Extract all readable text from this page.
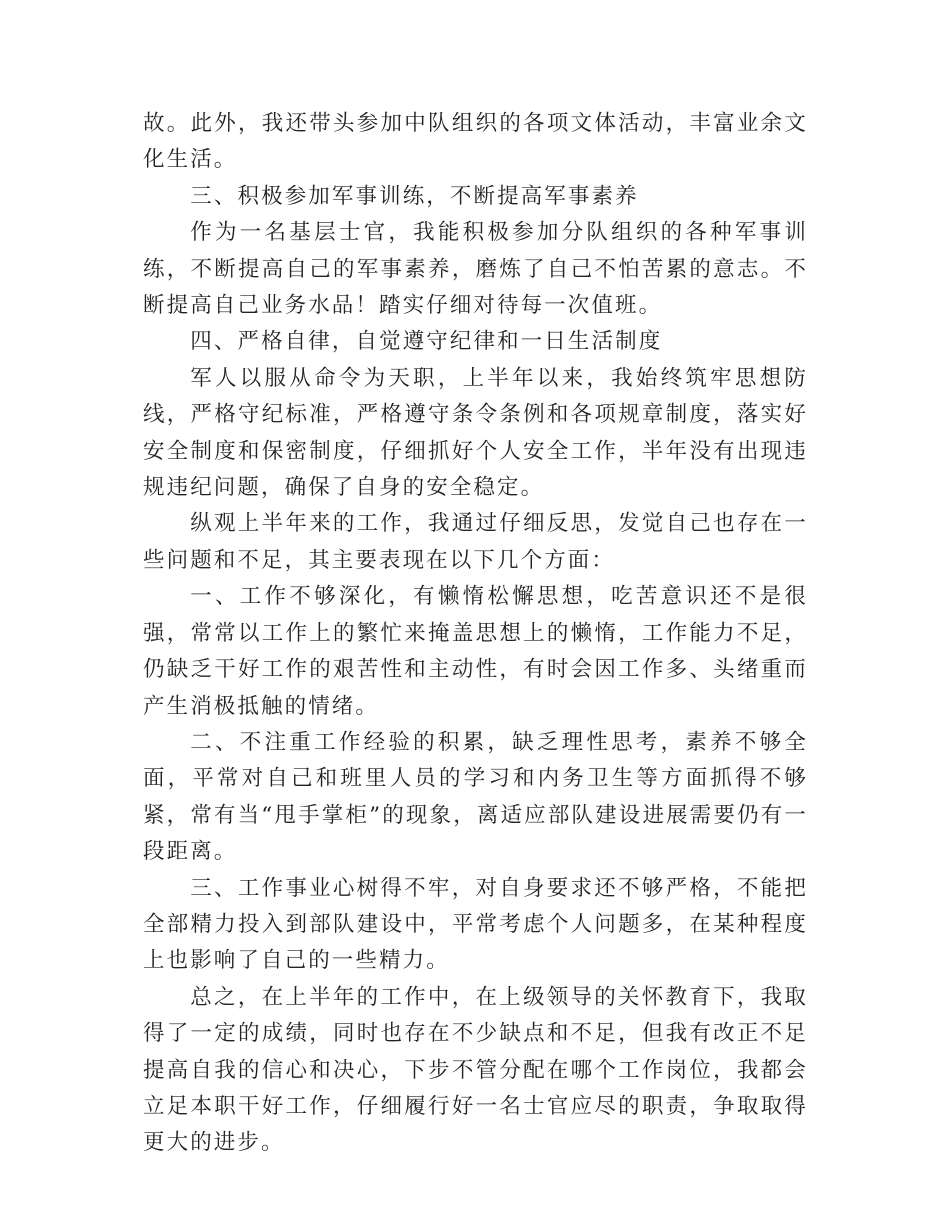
故。此外，我还带头参加中队组织的各项文体活动，丰富业余文化生活。

三、积极参加军事训练，不断提高军事素养

作为一名基层士官，我能积极参加分队组织的各种军事训练，不断提高自己的军事素养，磨炼了自己不怕苦累的意志。不断提高自己业务水品！踏实仔细对待每一次值班。

四、严格自律，自觉遵守纪律和一日生活制度

军人以服从命令为天职，上半年以来，我始终筑牢思想防线，严格守纪标准，严格遵守条令条例和各项规章制度，落实好安全制度和保密制度，仔细抓好个人安全工作，半年没有出现违规违纪问题，确保了自身的安全稳定。

纵观上半年来的工作，我通过仔细反思，发觉自己也存在一些问题和不足，其主要表现在以下几个方面：

一、工作不够深化，有懒惰松懈思想，吃苦意识还不是很强，常常以工作上的繁忙来掩盖思想上的懒惰，工作能力不足，仍缺乏干好工作的艰苦性和主动性，有时会因工作多、头绪重而产生消极抵触的情绪。

二、不注重工作经验的积累，缺乏理性思考，素养不够全面，平常对自己和班里人员的学习和内务卫生等方面抓得不够紧，常有当“甩手掌柜”的现象，离适应部队建设进展需要仍有一段距离。

三、工作事业心树得不牢，对自身要求还不够严格，不能把全部精力投入到部队建设中，平常考虑个人问题多，在某种程度上也影响了自己的一些精力。

总之，在上半年的工作中，在上级领导的关怀教育下，我取得了一定的成绩，同时也存在不少缺点和不足，但我有改正不足提高自我的信心和决心，下步不管分配在哪个工作岗位，我都会立足本职干好工作，仔细履行好一名士官应尽的职责，争取取得更大的进步。
